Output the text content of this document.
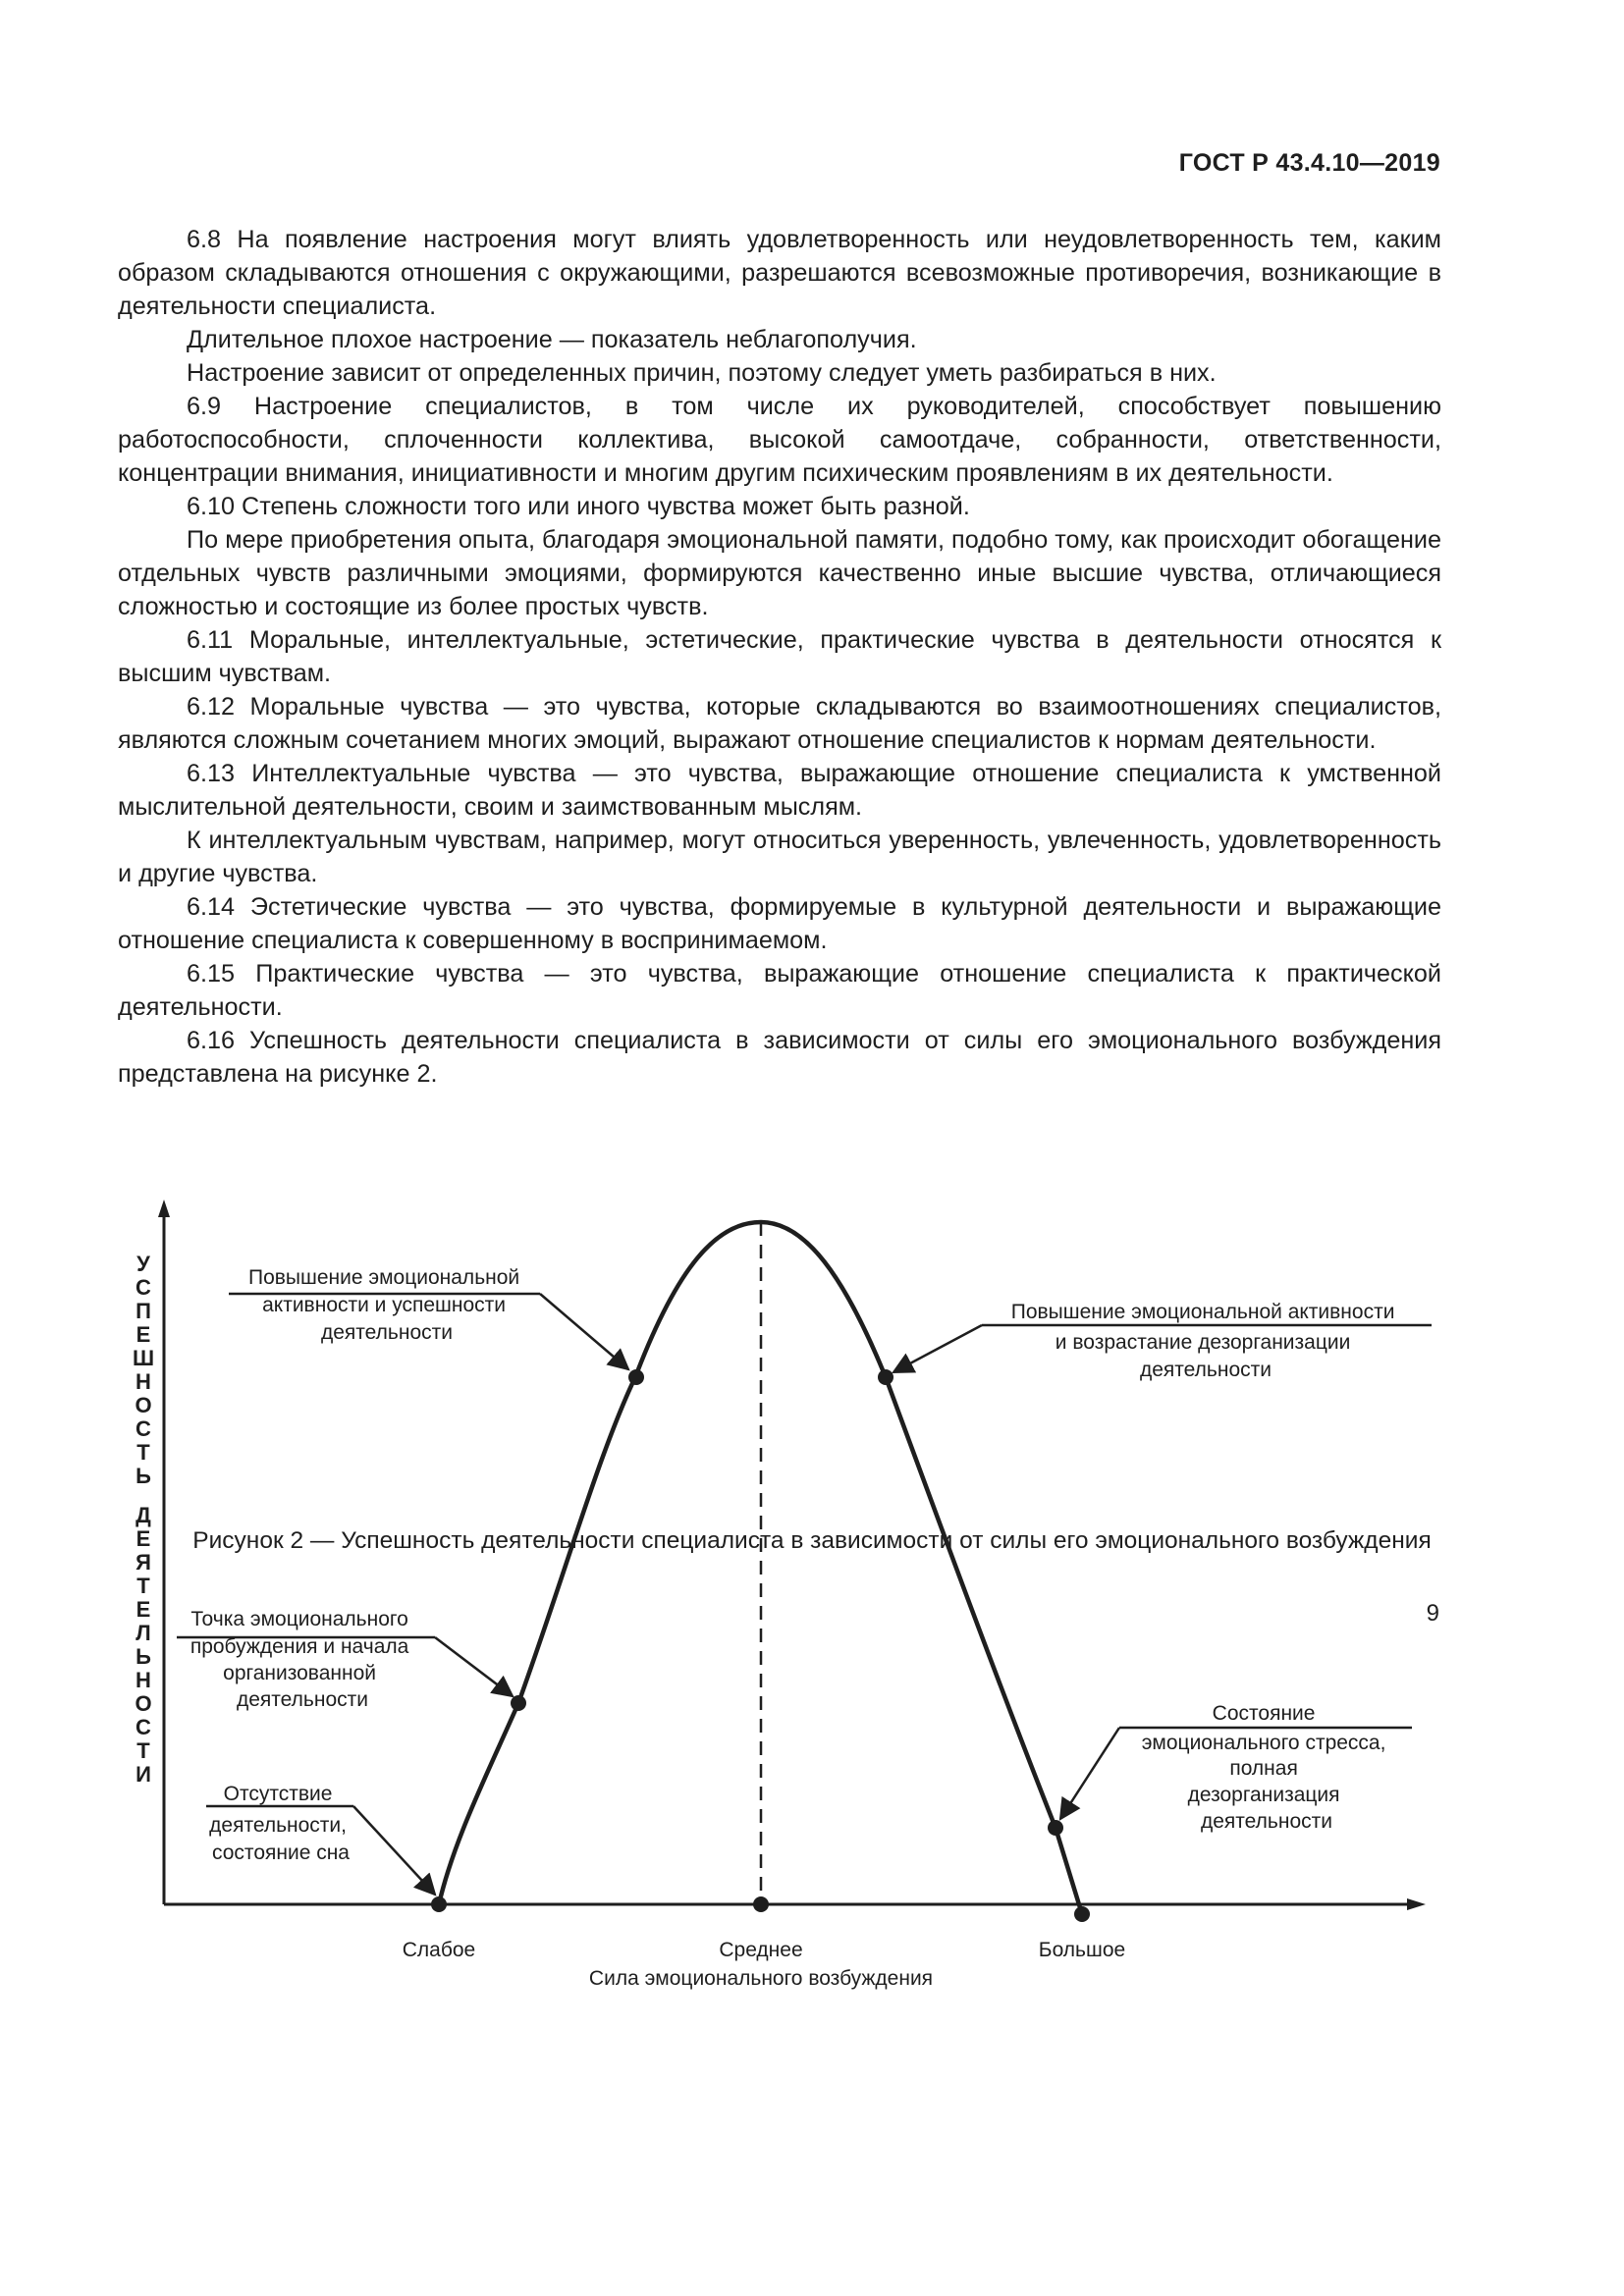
ГОСТ Р 43.4.10—2019

6.8 На появление настроения могут влиять удовлетворенность или неудовлетворенность тем, каким образом складываются отношения с окружающими, разрешаются всевозможные противоречия, возникающие в деятельности специалиста.

Длительное плохое настроение — показатель неблагополучия.

Настроение зависит от определенных причин, поэтому следует уметь разбираться в них.

6.9 Настроение специалистов, в том числе их руководителей, способствует повышению работоспособности, сплоченности коллектива, высокой самоотдаче, собранности, ответственности, концентрации внимания, инициативности и многим другим психическим проявлениям в их деятельности.

6.10 Степень сложности того или иного чувства может быть разной.

По мере приобретения опыта, благодаря эмоциональной памяти, подобно тому, как происходит обогащение отдельных чувств различными эмоциями, формируются качественно иные высшие чувства, отличающиеся сложностью и состоящие из более простых чувств.

6.11 Моральные, интеллектуальные, эстетические, практические чувства в деятельности относятся к высшим чувствам.

6.12 Моральные чувства — это чувства, которые складываются во взаимоотношениях специалистов, являются сложным сочетанием многих эмоций, выражают отношение специалистов к нормам деятельности.

6.13 Интеллектуальные чувства — это чувства, выражающие отношение специалиста к умственной мыслительной деятельности, своим и заимствованным мыслям.

К интеллектуальным чувствам, например, могут относиться уверенность, увлеченность, удовлетворенность и другие чувства.

6.14 Эстетические чувства — это чувства, формируемые в культурной деятельности и выражающие отношение специалиста к совершенному в воспринимаемом.

6.15 Практические чувства — это чувства, выражающие отношение специалиста к практической деятельности.

6.16 Успешность деятельности специалиста в зависимости от силы его эмоционального возбуждения представлена на рисунке 2.

Отсутствие деятельности, состояние сна
Точка эмоционального пробуждения и начала организованной деятельности
Повышение эмоциональной активности и успешности деятельности
Повышение эмоциональной активности и возрастание дезорганизации деятельности
Состояние эмоционального стресса, полная дезорганизация деятельности
Слабое	Среднее	Большое
Сила эмоционального возбуждения
У
С
П
Е
Ш
Н
О
С
Т
Ь
Д
Е
Я
Т
Е
Л
Ь
Н
О
С
Т
И
Рисунок 2 — Успешность деятельности специалиста в зависимости от силы его эмоционального возбуждения
9
